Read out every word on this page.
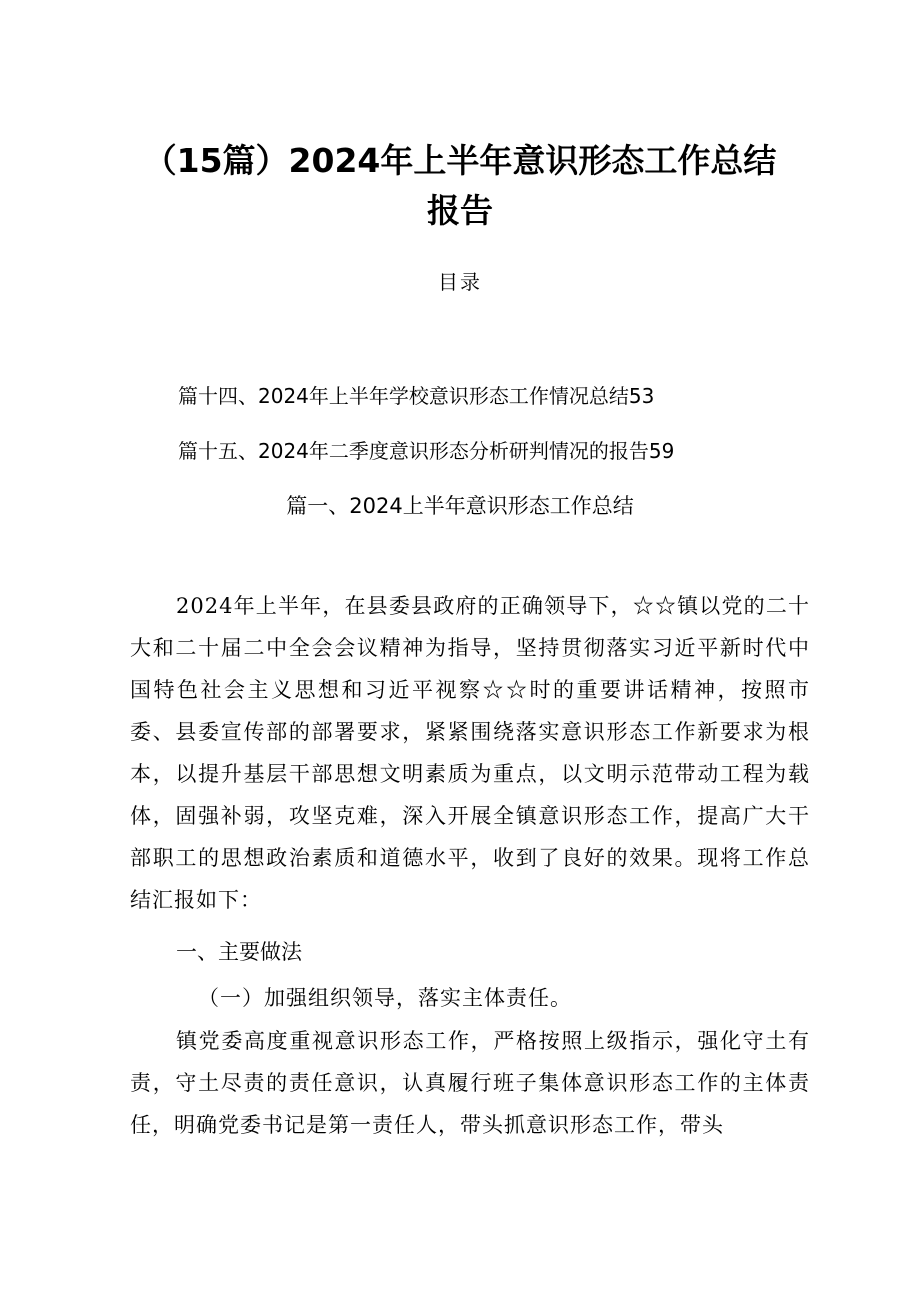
（15篇）2024年上半年意识形态工作总结
报告
目录
篇十四、2024年上半年学校意识形态工作情况总结53
篇十五、2024年二季度意识形态分析研判情况的报告59
篇一、2024上半年意识形态工作总结
2024年上半年，在县委县政府的正确领导下，☆☆镇以党的二十大和二十届二中全会会议精神为指导，坚持贯彻落实习近平新时代中国特色社会主义思想和习近平视察☆☆时的重要讲话精神，按照市委、县委宣传部的部署要求，紧紧围绕落实意识形态工作新要求为根本，以提升基层干部思想文明素质为重点，以文明示范带动工程为载体，固强补弱，攻坚克难，深入开展全镇意识形态工作，提高广大干部职工的思想政治素质和道德水平，收到了良好的效果。现将工作总结汇报如下：
一、主要做法
（一）加强组织领导，落实主体责任。
镇党委高度重视意识形态工作，严格按照上级指示，强化守土有责，守土尽责的责任意识，认真履行班子集体意识形态工作的主体责任，明确党委书记是第一责任人，带头抓意识形态工作，带头
